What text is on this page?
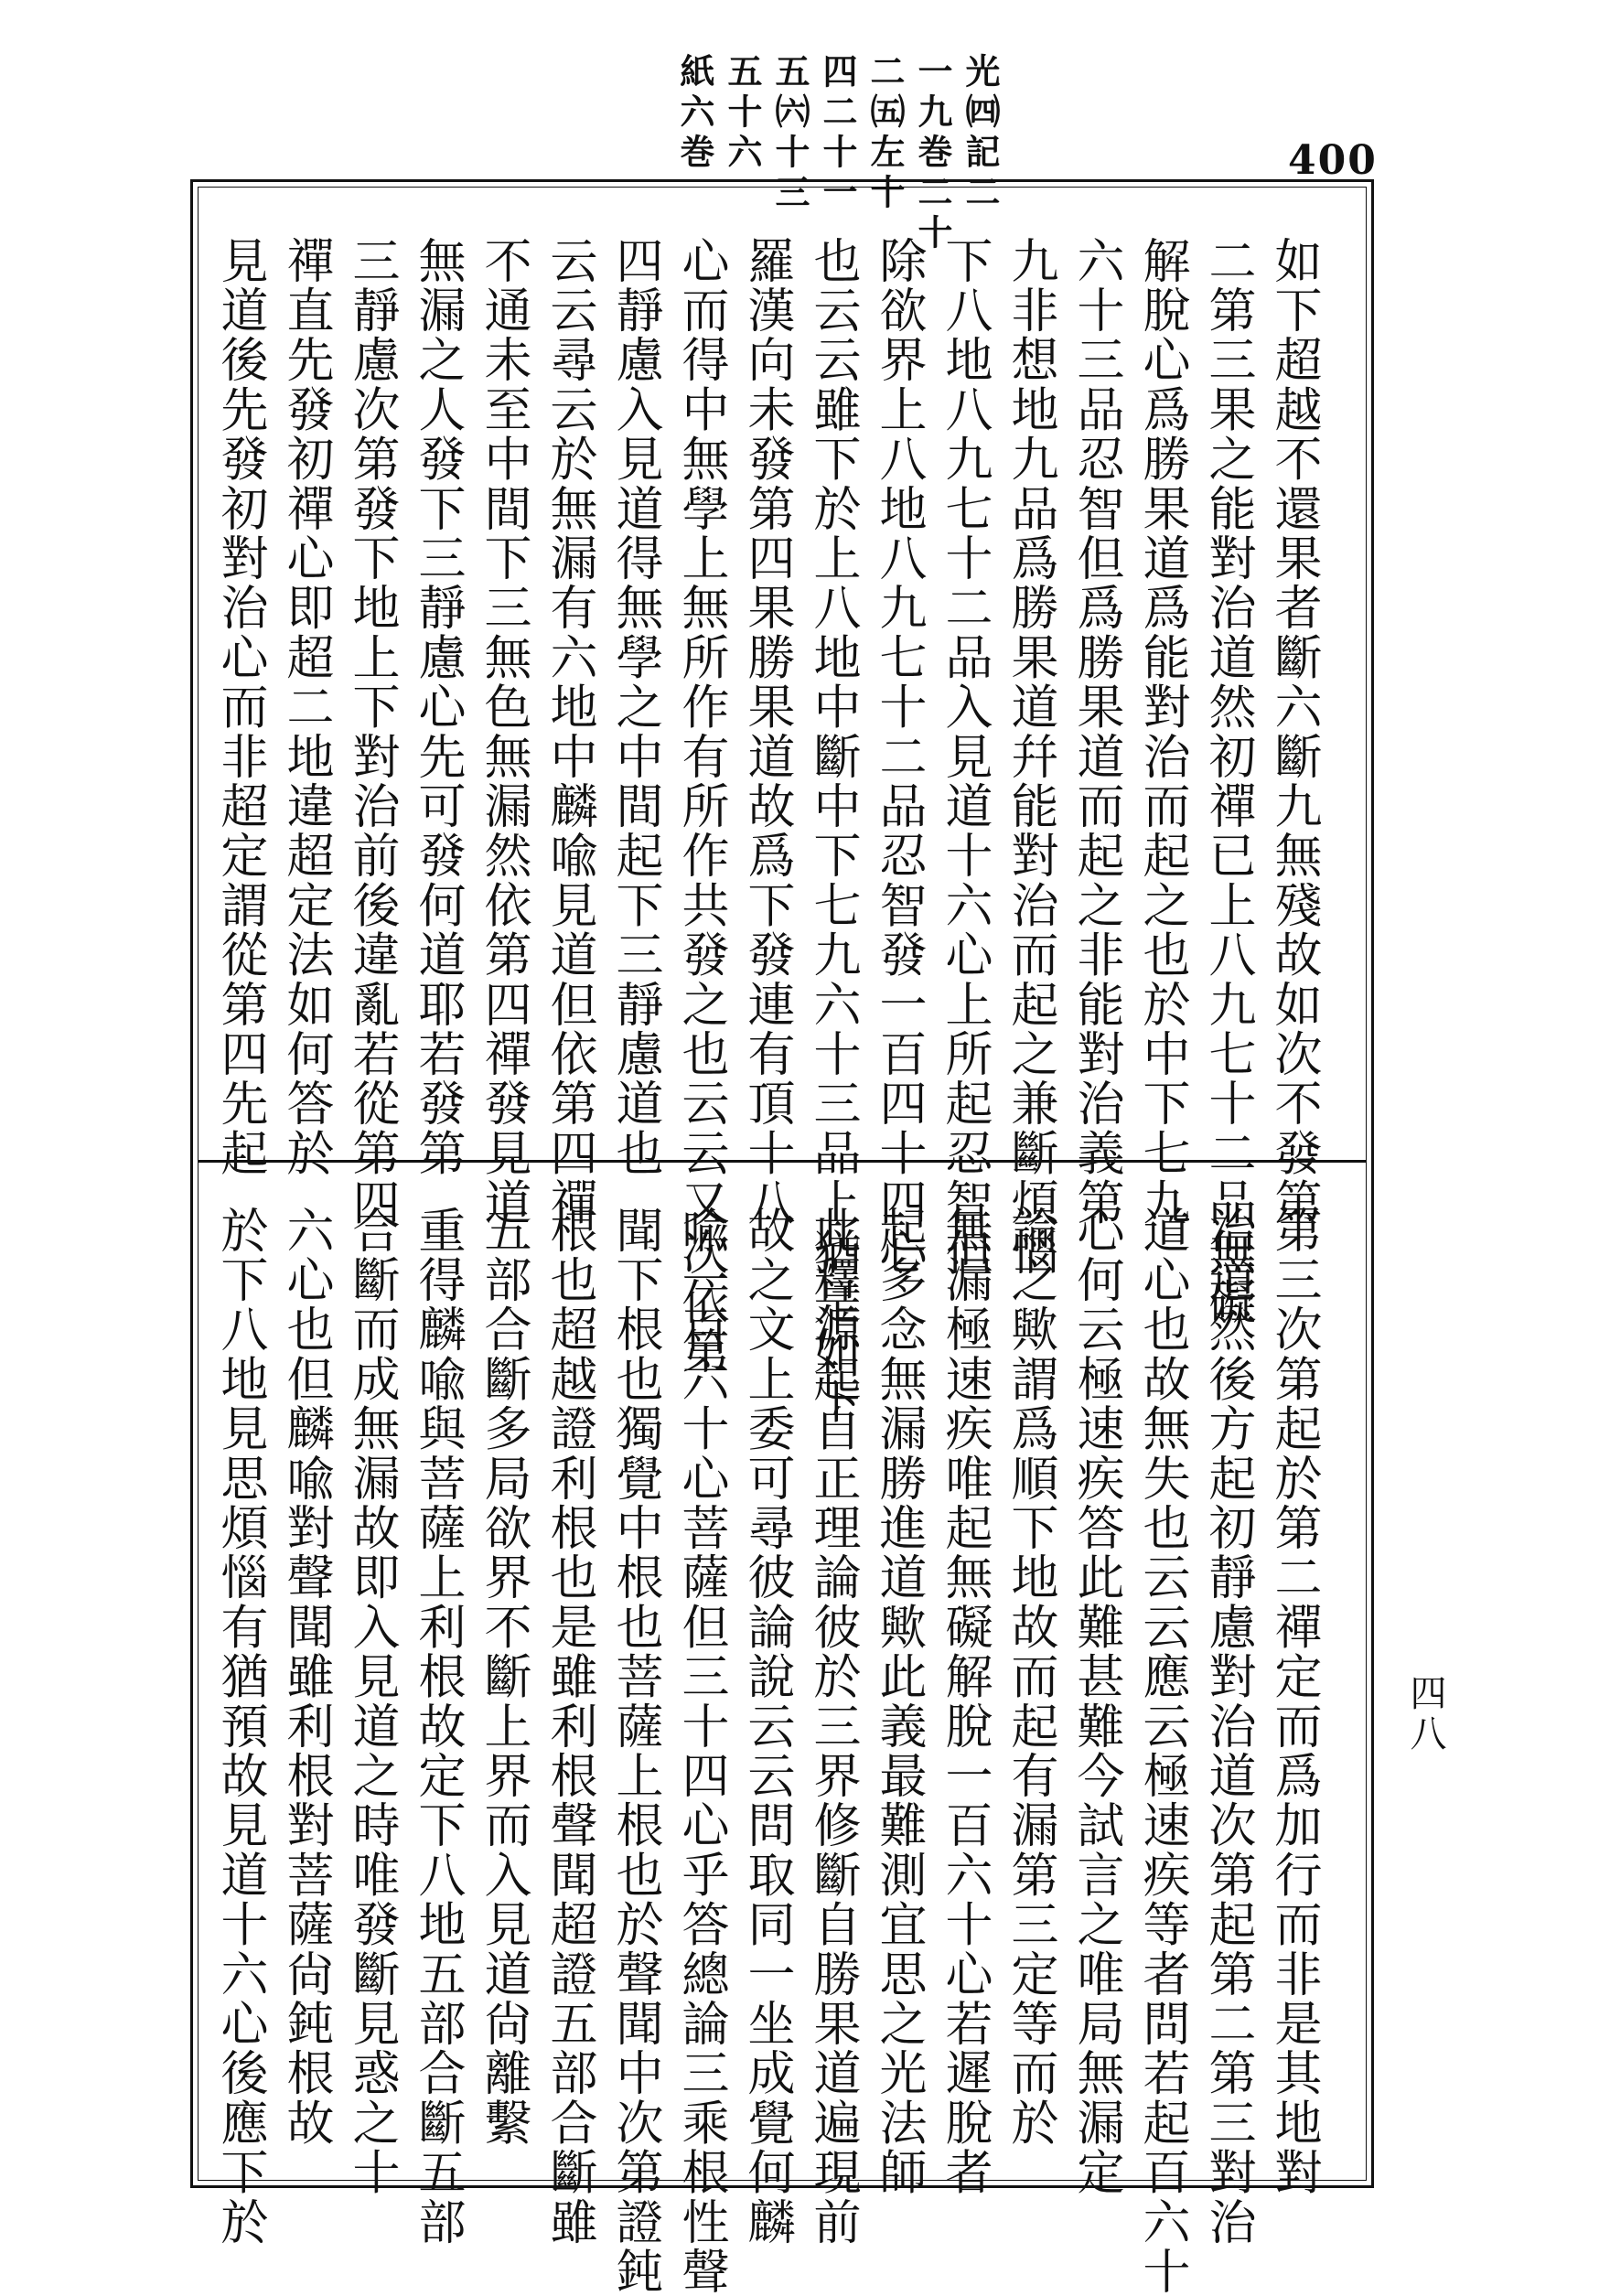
光㈣記二
一九巻二十
二㈤左十
四二十一
五㈥十三
五十六
紙六巻	400
如下超越不還果者斷六斷九無殘故如次不發第
二第三果之能對治道然初禪已上八九七十二品無礙
解脫心爲勝果道爲能對治而起之也於中下七九
六十三品忍智但爲勝果道而起之非能對治義第
九非想地九品爲勝果道幷能對治而起之兼斷煩惱
下八地八九七十二品入見道十六心上所起忍智但
除欲界上八地八九七十二品忍智發一百四十四心
也云云雖下於上八地中斷中下七九六十三品上猶是如下
羅漢向未發第四果勝果道故爲下發連有頂十八
心而得中無學上無所作有所作共發之也云云又次依第
四靜慮入見道得無學之中間起下三靜慮道也
云云尋云於無漏有六地中麟喩見道但依第四禪
不通未至中間下三無色無漏然依第四禪發見道
無漏之人發下三靜慮心先可發何道耶若發第
三靜慮次第發下地上下對治前後違亂若從第四
禪直先發初禪心即超二地違超定法如何答於
見道後先發初對治心而非超定謂從第四先起
第三次第起於第二禪定而爲加行而非是其地對
治道然後方起初靜慮對治道次第起第二第三對治
道心也故無失也云云應云極速疾等者問若起百六十
心何云極速疾答此難甚難今試言之唯局無漏定
論之歟謂爲順下地故而起有漏第三定等而於
無漏極速疾唯起無礙解脫一百六十心若遲脫者
起多念無漏勝進道歟此義最難測宜思之光法師
此釋源起自正理論彼於三界修斷自勝果道遍現前
故之文上委可尋彼論說云云問取同一坐成覺何麟
喩一百六十心菩薩但三十四心乎答總論三乘根性聲
聞下根也獨覺中根也菩薩上根也於聲聞中次第證鈍
根也超越證利根也是雖利根聲聞超證五部合斷雖
五部合斷多局欲界不斷上界而入見道尙離繫
重得麟喩與菩薩上利根故定下八地五部合斷五部
合斷而成無漏故即入見道之時唯發斷見惑之十
六心也但麟喩對聲聞雖利根對菩薩尙鈍根故
於下八地見思煩惱有猶預故見道十六心後應下於	四八
